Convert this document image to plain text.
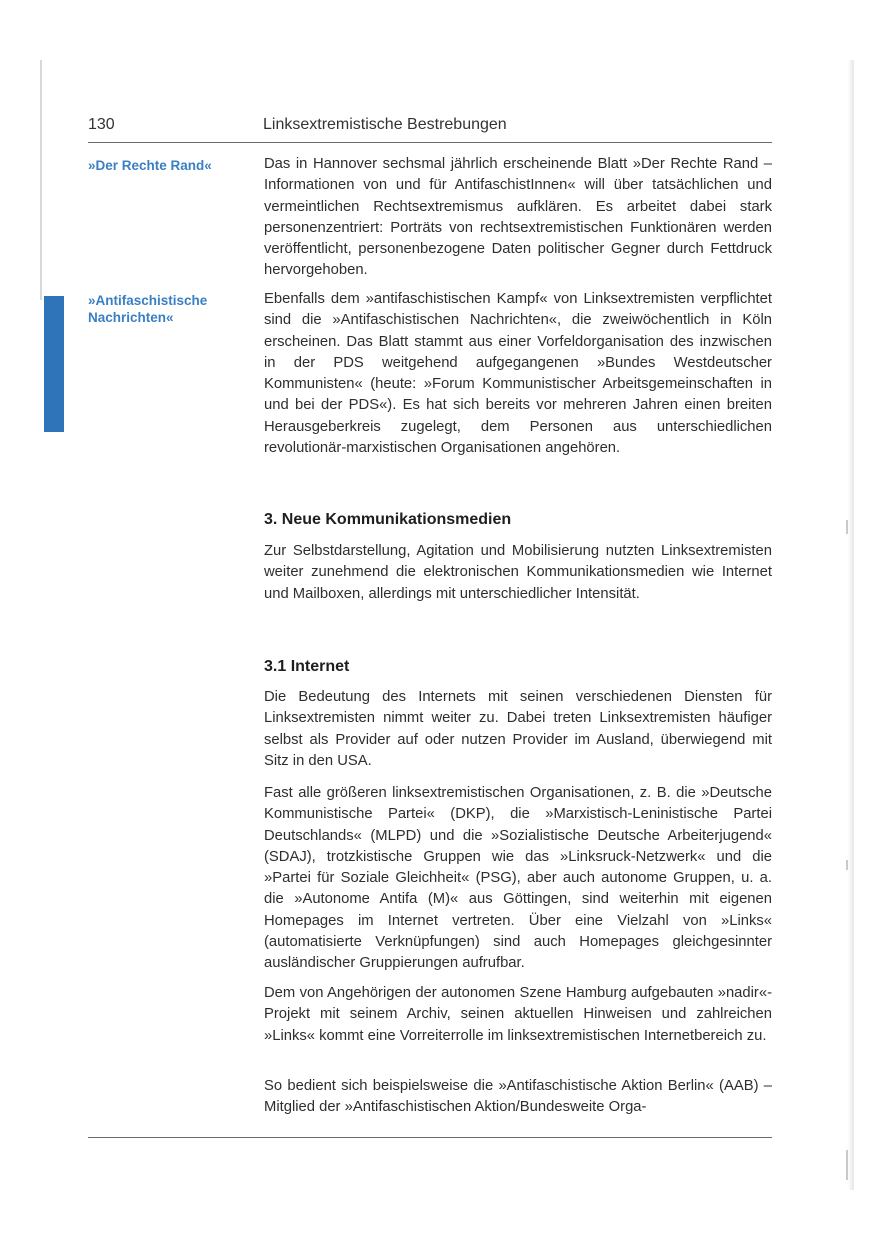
130	Linksextremistische Bestrebungen
»Der Rechte Rand«
»Antifaschistische Nachrichten«

Das in Hannover sechsmal jährlich erscheinende Blatt »Der Rechte Rand – Informationen von und für AntifaschistInnen« will über tatsächlichen und vermeintlichen Rechtsextremismus aufklären. Es arbeitet dabei stark personenzentriert: Porträts von rechtsextremistischen Funktionären werden veröffentlicht, personenbezogene Daten politischer Gegner durch Fettdruck hervorgehoben.

Ebenfalls dem »antifaschistischen Kampf« von Linksextremisten verpflichtet sind die »Antifaschistischen Nachrichten«, die zweiwöchentlich in Köln erscheinen. Das Blatt stammt aus einer Vorfeldorganisation des inzwischen in der PDS weitgehend aufgegangenen »Bundes Westdeutscher Kommunisten« (heute: »Forum Kommunistischer Arbeitsgemeinschaften in und bei der PDS«). Es hat sich bereits vor mehreren Jahren einen breiten Herausgeberkreis zugelegt, dem Personen aus unterschiedlichen revolutionär-marxistischen Organisationen angehören.

3. Neue Kommunikationsmedien

Zur Selbstdarstellung, Agitation und Mobilisierung nutzten Linksextremisten weiter zunehmend die elektronischen Kommunikationsmedien wie Internet und Mailboxen, allerdings mit unterschiedlicher Intensität.

3.1 Internet

Die Bedeutung des Internets mit seinen verschiedenen Diensten für Linksextremisten nimmt weiter zu. Dabei treten Linksextremisten häufiger selbst als Provider auf oder nutzen Provider im Ausland, überwiegend mit Sitz in den USA.

Fast alle größeren linksextremistischen Organisationen, z. B. die »Deutsche Kommunistische Partei« (DKP), die »Marxistisch-Leninistische Partei Deutschlands« (MLPD) und die »Sozialistische Deutsche Arbeiterjugend« (SDAJ), trotzkistische Gruppen wie das »Linksruck-Netzwerk« und die »Partei für Soziale Gleichheit« (PSG), aber auch autonome Gruppen, u. a. die »Autonome Antifa (M)« aus Göttingen, sind weiterhin mit eigenen Homepages im Internet vertreten. Über eine Vielzahl von »Links« (automatisierte Verknüpfungen) sind auch Homepages gleichgesinnter ausländischer Gruppierungen aufrufbar.

Dem von Angehörigen der autonomen Szene Hamburg aufgebauten »nadir«-Projekt mit seinem Archiv, seinen aktuellen Hinweisen und zahlreichen »Links« kommt eine Vorreiterrolle im linksextremistischen Internetbereich zu.

So bedient sich beispielsweise die »Antifaschistische Aktion Berlin« (AAB) – Mitglied der »Antifaschistischen Aktion/Bundesweite Orga-
